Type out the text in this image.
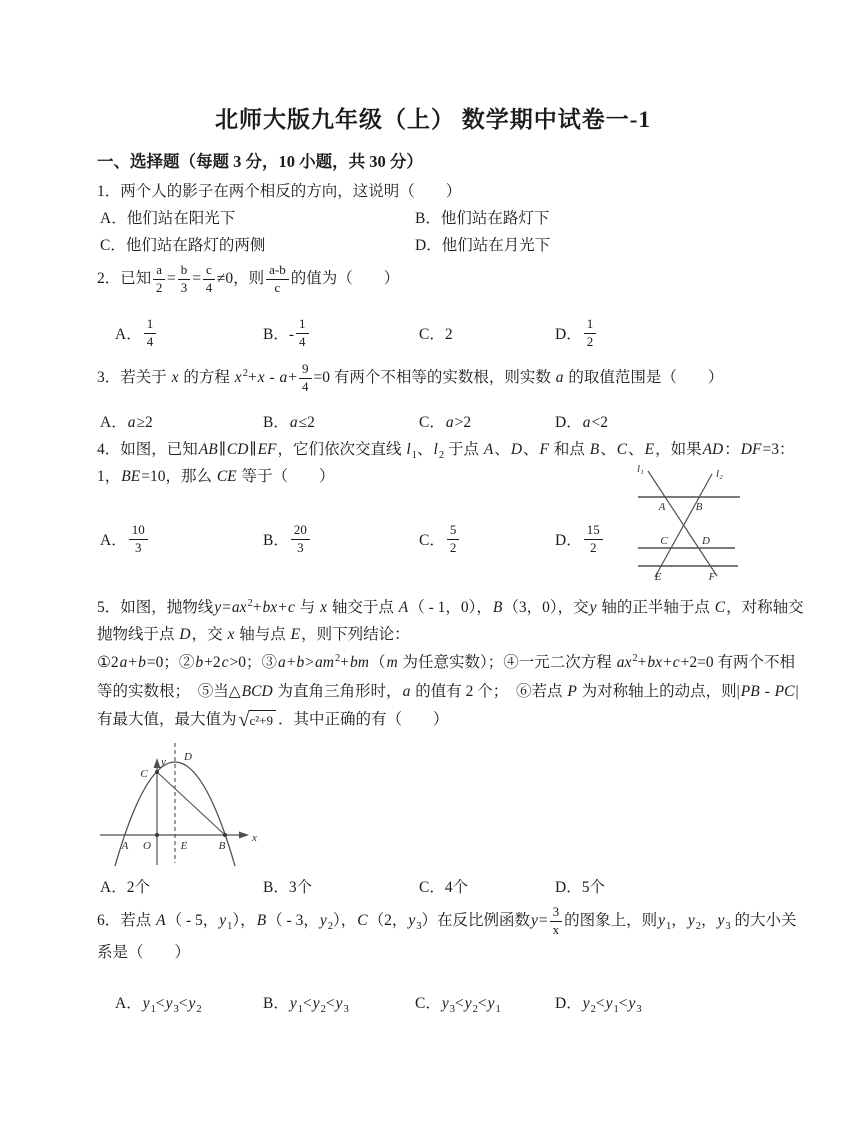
北师大版九年级（上） 数学期中试卷一-1
一、选择题（每题 3 分，10 小题，共 30 分）
1．两个人的影子在两个相反的方向，这说明（　　）
A．他们站在阳光下	B．他们站在路灯下
C．他们站在路灯的两侧	D．他们站在月光下
2．已知 $\frac{a}{2} = \frac{b}{3} = \frac{c}{4} \ne 0$，则 $\frac{a-b}{c}$ 的值为（　　）
A． $\frac{1}{4}$	B．- $\frac{1}{4}$	C．2	D． $\frac{1}{2}$
3．若关于 x 的方程 $x^2+x - a+ \frac{9}{4} =0$ 有两个不相等的实数根，则实数 a 的取值范围是（　　）
A．a≥2	B．a≤2	C．a>2	D．a<2
4．如图，已知AB∥CD∥EF，它们依次交直线 $l_1$、$l_2$ 于点 A、D、F 和点 B、C、E，如果AD：DF=3：1，BE=10，那么 CE 等于（　　）	l₁	l₂
A	B
C	D
E	F
A． $\frac{10}{3}$	B． $\frac{20}{3}$	C． $\frac{5}{2}$	D． $\frac{15}{2}$
5．如图，抛物线$y=ax^2+bx+c$ 与 x 轴交于点 A（ - 1，0），B（3，0），交y 轴的正半轴于点 C，对称轴交抛物线于点 D，交 x 轴与点 E，则下列结论：
①2a+b=0；②b+2c>0；$③a+b>am^2+bm(m$ 为任意实数）；④一元二次方程 $ax^2+bx+c+2=0$ 有两个不相等的实数根；　⑤当△BCD 为直角三角形时，a 的值有 2 个；　⑥若点 P 为对称轴上的动点，则|PB - PC|有最大值，最大值为 √ c²+9 ．其中正确的有（　　）
y
x
C
D
A O	E	B
A．2个	B．3个	C．4个	D．5个
6．若点 A（ - 5，$y_1$），B（ - 3，$y_2$），C（2，$y_3$）在反比例函数$y= \frac{3}{x}$ 的图象上，则$y_1$，$y_2$，$y_3$ 的大小关系是（　　）
A．$y_1<y_3<y_2$	B．$y_1<y_2<y_3$	C．$y_3<y_2<y_1$	D．$y_2<y_1<y_3$
